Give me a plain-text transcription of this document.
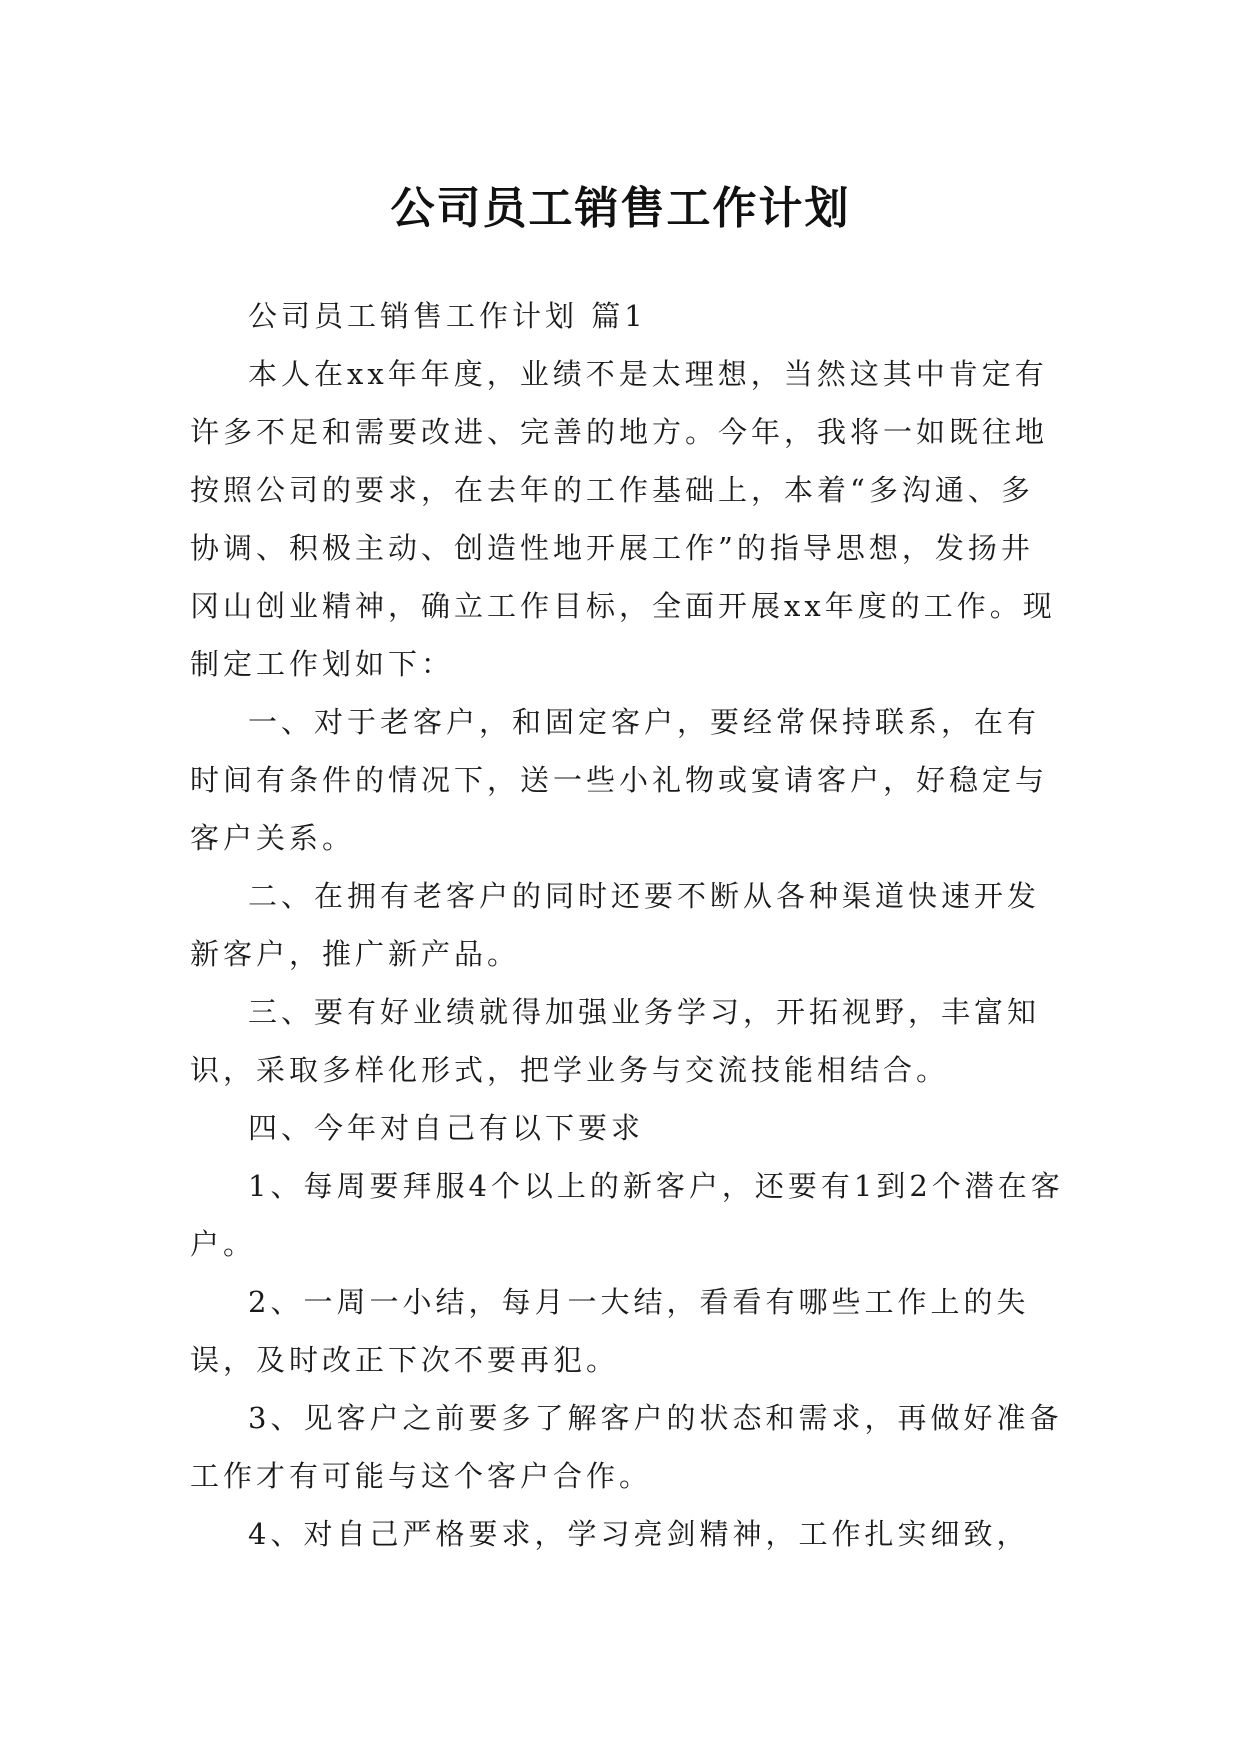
公司员工销售工作计划

公司员工销售工作计划 篇1

本人在xx年年度，业绩不是太理想，当然这其中肯定有许多不足和需要改进、完善的地方。今年，我将一如既往地按照公司的要求，在去年的工作基础上，本着“多沟通、多协调、积极主动、创造性地开展工作”的指导思想，发扬井冈山创业精神，确立工作目标，全面开展xx年度的工作。现制定工作划如下：

一、对于老客户，和固定客户，要经常保持联系，在有时间有条件的情况下，送一些小礼物或宴请客户，好稳定与客户关系。

二、在拥有老客户的同时还要不断从各种渠道快速开发新客户，推广新产品。

三、要有好业绩就得加强业务学习，开拓视野，丰富知识，采取多样化形式，把学业务与交流技能相结合。

四、今年对自己有以下要求

1、每周要拜服4个以上的新客户，还要有1到2个潜在客户。

2、一周一小结，每月一大结，看看有哪些工作上的失误，及时改正下次不要再犯。

3、见客户之前要多了解客户的状态和需求，再做好准备工作才有可能与这个客户合作。

4、对自己严格要求，学习亮剑精神，工作扎实细致，
